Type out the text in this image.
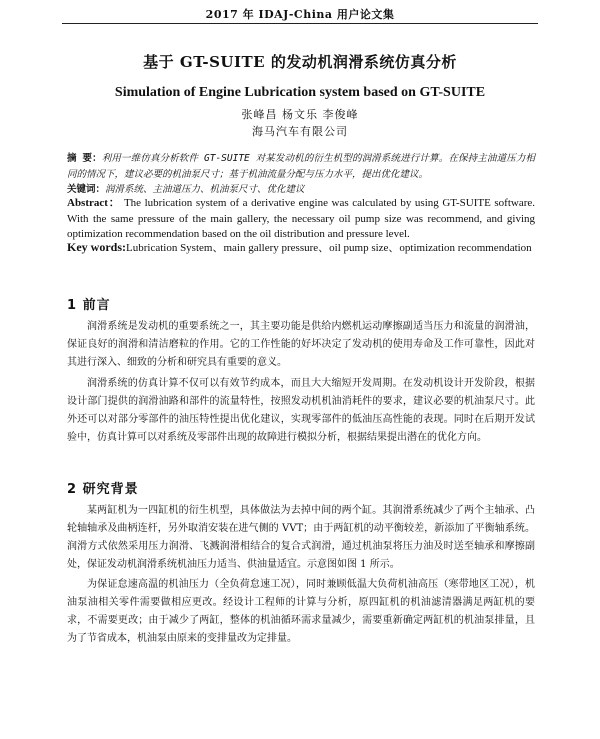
2017 年 IDAJ-China 用户论文集
基于 GT-SUITE 的发动机润滑系统仿真分析
Simulation of Engine Lubrication system based on GT-SUITE
张峰昌 杨文乐 李俊峰
海马汽车有限公司
摘 要：利用一维仿真分析软件 GT-SUITE 对某发动机的衍生机型的润滑系统进行计算。在保持主油道压力相同的情况下，建议必要的机油泵尺寸；基于机油流量分配与压力水平，提出优化建议。
关键词：润滑系统、主油道压力、机油泵尺寸、优化建议
Abstract： The lubrication system of a derivative engine was calculated by using GT-SUITE software. With the same pressure of the main gallery, the necessary oil pump size was recommend, and giving optimization recommendation based on the oil distribution and pressure level.
Key words:Lubrication System、main gallery pressure、oil pump size、optimization recommendation
1 前言
润滑系统是发动机的重要系统之一，其主要功能是供给内燃机运动摩擦副适当压力和流量的润滑油，保证良好的润滑和清洁磨粒的作用。它的工作性能的好坏决定了发动机的使用寿命及工作可靠性，因此对其进行深入、细致的分析和研究具有重要的意义。
润滑系统的仿真计算不仅可以有效节约成本，而且大大缩短开发周期。在发动机设计开发阶段，根据设计部门提供的润滑油路和部件的流量特性，按照发动机机油消耗件的要求，建议必要的机油泵尺寸。此外还可以对部分零部件的油压特性提出优化建议，实现零部件的低油压高性能的表现。同时在后期开发试验中，仿真计算可以对系统及零部件出现的故障进行模拟分析，根据结果提出潜在的优化方向。
2 研究背景
某两缸机为一四缸机的衍生机型，具体做法为去掉中间的两个缸。其润滑系统减少了两个主轴承、凸轮轴轴承及曲柄连杆，另外取消安装在进气侧的 VVT；由于两缸机的动平衡较差，新添加了平衡轴系统。润滑方式依然采用压力润滑、飞溅润滑相结合的复合式润滑，通过机油泵将压力油及时送至轴承和摩擦副处，保证发动机润滑系统机油压力适当、供油量适宜。示意图如图 1 所示。
为保证怠速高温的机油压力（全负荷怠速工况），同时兼顾低温大负荷机油高压（寒带地区工况），机油泵油相关零件需要做相应更改。经设计工程师的计算与分析，原四缸机的机油滤清器满足两缸机的要求，不需要更改；由于减少了两缸，整体的机油循环需求量减少，需要重新确定两缸机的机油泵排量，且为了节省成本，机油泵由原来的变排量改为定排量。
